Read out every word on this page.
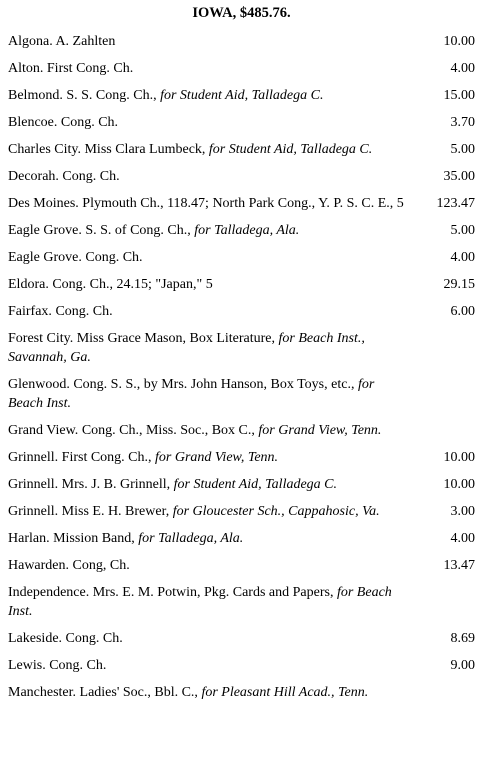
IOWA, $485.76.
Algona. A. Zahlten	10.00
Alton. First Cong. Ch.	4.00
Belmond. S. S. Cong. Ch., for Student Aid, Talladega C.	15.00
Blencoe. Cong. Ch.	3.70
Charles City. Miss Clara Lumbeck, for Student Aid, Talladega C.	5.00
Decorah. Cong. Ch.	35.00
Des Moines. Plymouth Ch., 118.47; North Park Cong., Y. P. S. C. E., 5	123.47
Eagle Grove. S. S. of Cong. Ch., for Talladega, Ala.	5.00
Eagle Grove. Cong. Ch.	4.00
Eldora. Cong. Ch., 24.15; "Japan," 5	29.15
Fairfax. Cong. Ch.	6.00
Forest City. Miss Grace Mason, Box Literature, for Beach Inst., Savannah, Ga.	
Glenwood. Cong. S. S., by Mrs. John Hanson, Box Toys, etc., for Beach Inst.	
Grand View. Cong. Ch., Miss. Soc., Box C., for Grand View, Tenn.	
Grinnell. First Cong. Ch., for Grand View, Tenn.	10.00
Grinnell. Mrs. J. B. Grinnell, for Student Aid, Talladega C.	10.00
Grinnell. Miss E. H. Brewer, for Gloucester Sch., Cappahosic, Va.	3.00
Harlan. Mission Band, for Talladega, Ala.	4.00
Hawarden. Cong, Ch.	13.47
Independence. Mrs. E. M. Potwin, Pkg. Cards and Papers, for Beach Inst.	
Lakeside. Cong. Ch.	8.69
Lewis. Cong. Ch.	9.00
Manchester. Ladies' Soc., Bbl. C., for Pleasant Hill Acad., Tenn.	
